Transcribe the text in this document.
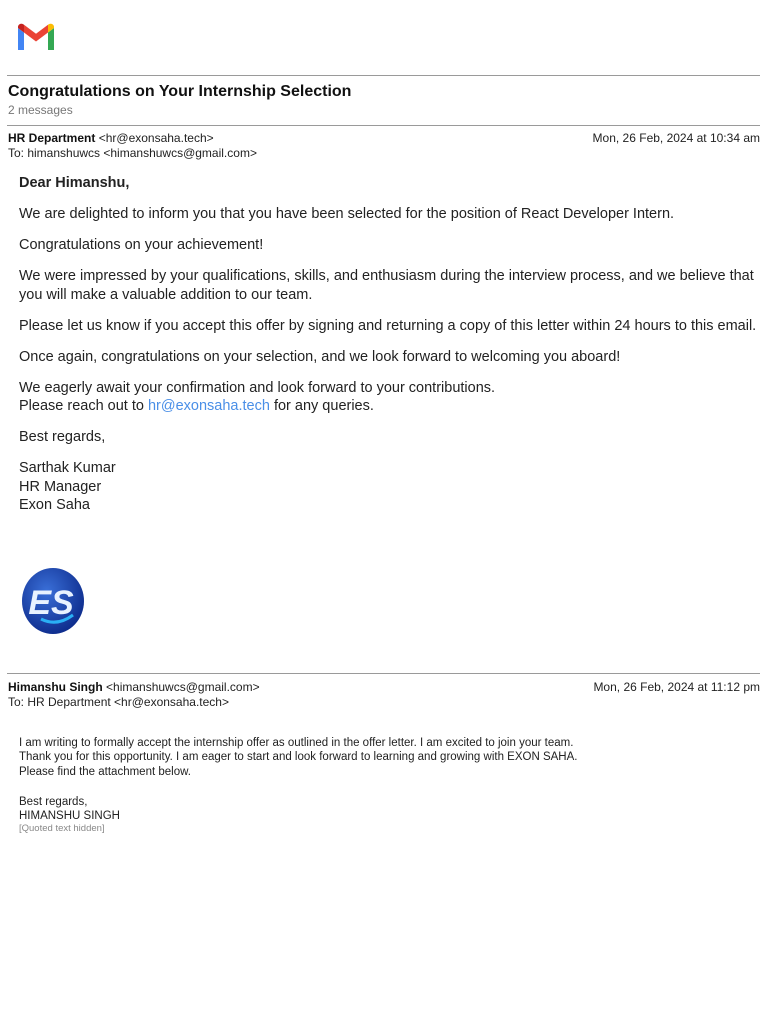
Congratulations on Your Internship Selection
2 messages
HR Department <hr@exonsaha.tech>
To: himanshuwcs <himanshuwcs@gmail.com>
Mon, 26 Feb, 2024 at 10:34 am

Dear Himanshu,

We are delighted to inform you that you have been selected for the position of React Developer Intern.

Congratulations on your achievement!

We were impressed by your qualifications, skills, and enthusiasm during the interview process, and we believe that you will make a valuable addition to our team.

Please let us know if you accept this offer by signing and returning a copy of this letter within 24 hours to this email.

Once again, congratulations on your selection, and we look forward to welcoming you aboard!

We eagerly await your confirmation and look forward to your contributions.
Please reach out to hr@exonsaha.tech for any queries.

Best regards,

Sarthak Kumar
HR Manager
Exon Saha

ES
Himanshu Singh <himanshuwcs@gmail.com>
To: HR Department <hr@exonsaha.tech>
Mon, 26 Feb, 2024 at 11:12 pm
I am writing to formally accept the internship offer as outlined in the offer letter. I am excited to join your team.
Thank you for this opportunity. I am eager to start and look forward to learning and growing with EXON SAHA.
Please find the attachment below.
Best regards,
HIMANSHU SINGH
[Quoted text hidden]
